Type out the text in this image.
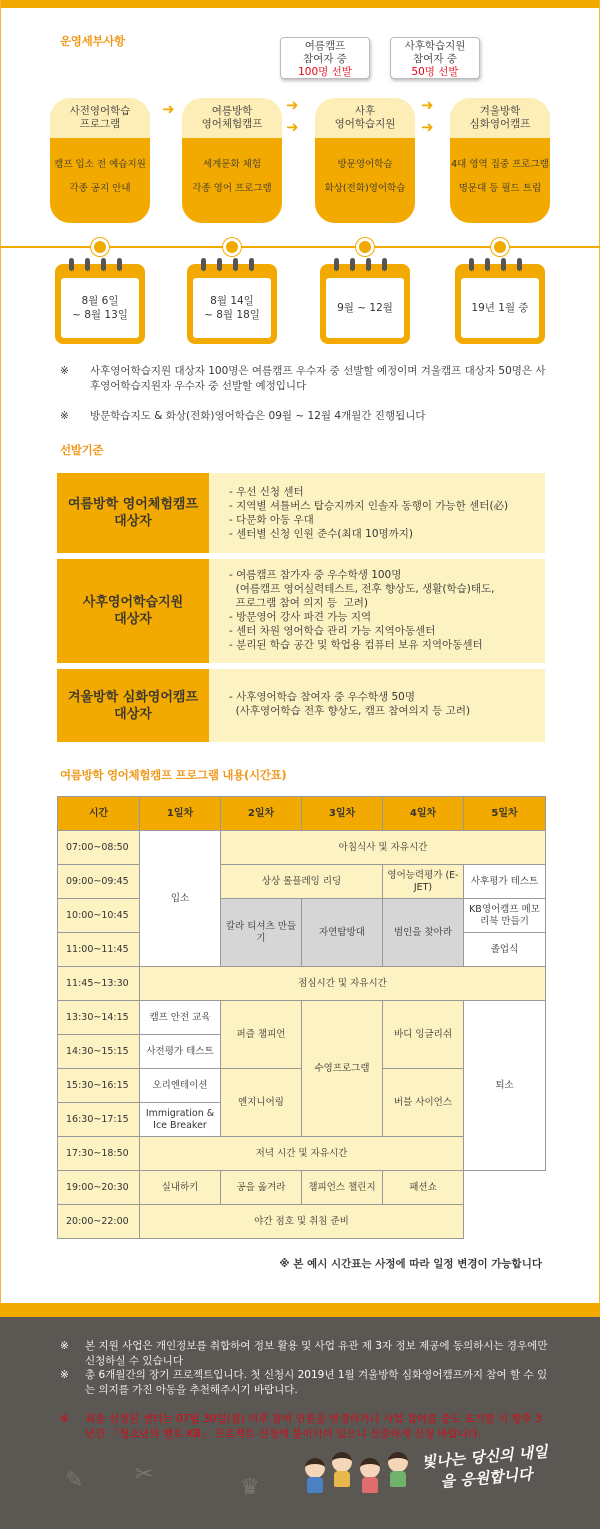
운영세부사항	여름캠프
참여자 중
100명 선발
사후학습지원
참여자 중
50명 선발
사전영어학습
프로그램

캠프 입소 전 예습지원

각종 공지 안내

여름방학
영어체험캠프

세계문화 체험

각종 영어 프로그램

사후
영어학습지원

방문영어학습

화상(전화)영어학습

겨울방학
심화영어캠프

4대 영역 집중 프로그램

명문대 등 필드 트립

➜	➜
➜
➜
➜
8월 6일
~ 8월 13일
8월 14일
~ 8월 18일
9월 ~ 12월	19년 1월 중
※ 사후영어학습지원 대상자 100명은 여름캠프 우수자 중 선발할 예정이며 겨울캠프 대상자 50명은 사후영어학습지원자 우수자 중 선발할 예정입니다
※ 방문학습지도 & 화상(전화)영어학습은 09월 ~ 12월 4개월간 진행됩니다
선발기준
여름방학 영어체험캠프
대상자
- 우선 신청 센터
- 지역별 셔틀버스 탑승지까지 인솔자 동행이 가능한 센터(必)
- 다문화 아동 우대
- 센터별 신청 인원 준수(최대 10명까지)
사후영어학습지원
대상자
- 여름캠프 참가자 중 우수학생 100명
(여름캠프 영어실력테스트, 전후 향상도, 생활(학습)태도,
프로그램 참여 의지 등  고려)
- 방문영어 강사 파견 가능 지역
- 센터 차원 영어학습 관리 가능 지역아동센터
- 분리된 학습 공간 및 학업용 컴퓨터 보유 지역아동센터
겨울방학 심화영어캠프
대상자
- 사후영어학습 참여자 중 우수학생 50명
(사후영어학습 전후 향상도, 캠프 참여의지 등 고려)
여름방학 영어체험캠프 프로그램 내용(시간표)
시간	1일차	2일차	3일차	4일차	5일차
07:00~08:50	입소	아침식사 및 자유시간			
09:00~09:45		상상 롤플레잉 리딩		영어능력평가 (E-JET)	사후평가 테스트
10:00~10:45		칼라 티셔츠 만들기	자연탐방대	범인을 찾아라	KB영어캠프 메모리북 만들기
11:00~11:45					졸업식
11:45~13:30	점심시간 및 자유시간				
13:30~14:15	캠프 안전 교육	퍼즐 챔피언	수영프로그램	바디 잉글리쉬	퇴소
14:30~15:15	사전평가 테스트				
15:30~16:15	오리엔테이션	엔지니어링		버블 사이언스	
16:30~17:15	Immigration & Ice Breaker				
17:30~18:50	저녁 시간 및 자유시간				
19:00~20:30	실내하키	공을 옮겨라	챔피언스 챌린지	패션쇼	
20:00~22:00	야간 점호 및 취침 준비				
※ 본 예시 시간표는 사정에 따라 일정 변경이 가능합니다
※ 본 지원 사업은 개인정보를 취합하여 정보 활용 및 사업 유관 제 3자 정보 제공에 동의하시는 경우에만 신청하실 수 있습니다
※ 총 6개월간의 장기 프로젝트입니다. 첫 신청시 2019년 1월 겨울방학 심화영어캠프까지 참여 할 수 있는 의지를 가진 아동을 추천해주시기 바랍니다.
※ 최종 선정된 센터는 07월 30일(월) 이후 참여 인원을 변경하거나 사업 참여를 중도 포기할 시 향후 3년간 「청소년의 멘토 KB」 프로젝트 신청에 불이익이 있으니 신중하게 신청 바랍니다.
✎ ✂
♛
빛나는 당신의 내일을 응원합니다
